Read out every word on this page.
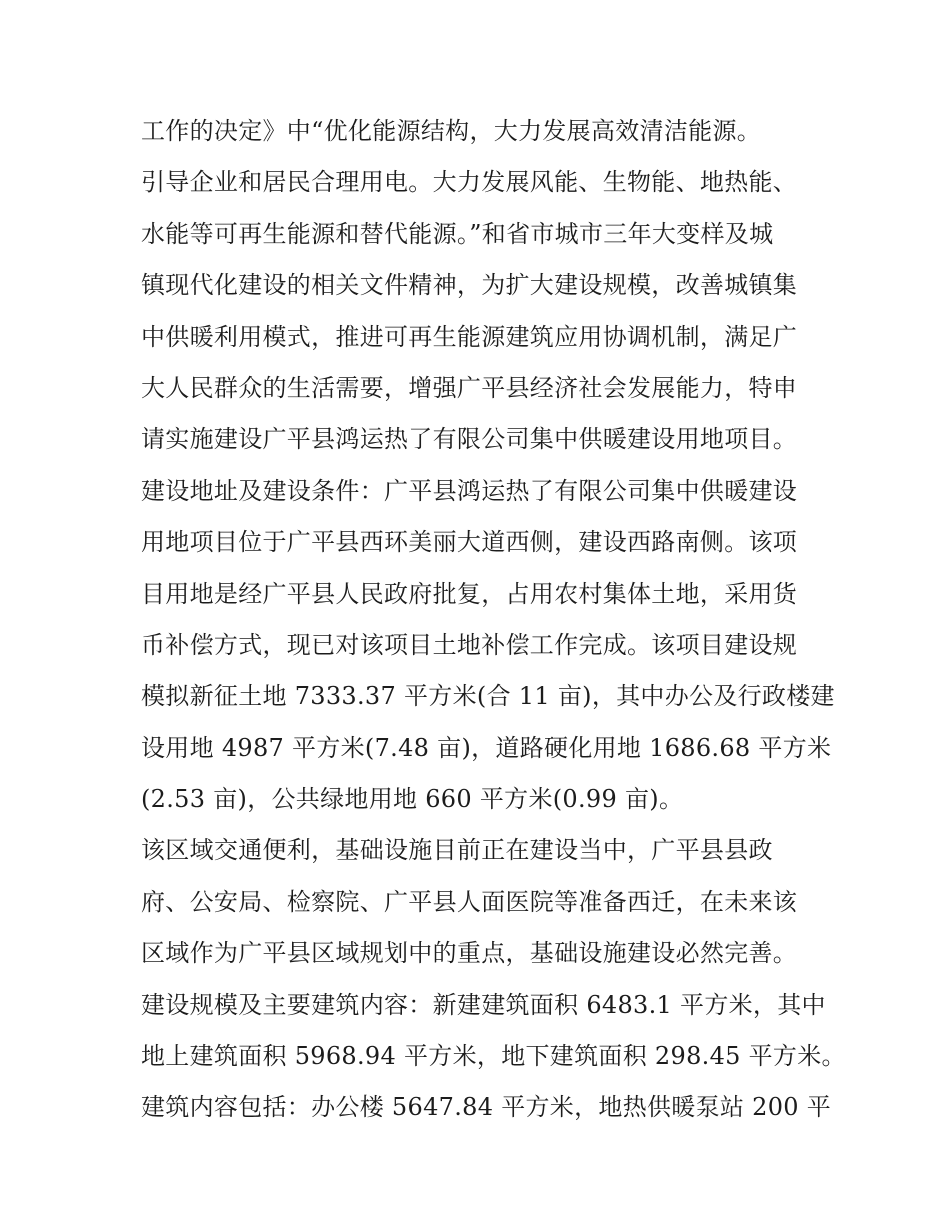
工作的决定》中“优化能源结构，大力发展高效清洁能源。
引导企业和居民合理用电。大力发展风能、生物能、地热能、
水能等可再生能源和替代能源。”和省市城市三年大变样及城
镇现代化建设的相关文件精神，为扩大建设规模，改善城镇集
中供暖利用模式，推进可再生能源建筑应用协调机制，满足广
大人民群众的生活需要，增强广平县经济社会发展能力，特申
请实施建设广平县鸿运热了有限公司集中供暖建设用地项目。
建设地址及建设条件：广平县鸿运热了有限公司集中供暖建设
用地项目位于广平县西环美丽大道西侧，建设西路南侧。该项
目用地是经广平县人民政府批复，占用农村集体土地，采用货
币补偿方式，现已对该项目土地补偿工作完成。该项目建设规
模拟新征土地 7333.37 平方米(合 11 亩)，其中办公及行政楼建
设用地 4987 平方米(7.48 亩)，道路硬化用地 1686.68 平方米
(2.53 亩)，公共绿地用地 660 平方米(0.99 亩)。
该区域交通便利，基础设施目前正在建设当中，广平县县政
府、公安局、检察院、广平县人面医院等准备西迁，在未来该
区域作为广平县区域规划中的重点，基础设施建设必然完善。
建设规模及主要建筑内容：新建建筑面积 6483.1 平方米，其中
地上建筑面积 5968.94 平方米，地下建筑面积 298.45 平方米。
建筑内容包括：办公楼 5647.84 平方米，地热供暖泵站 200 平
